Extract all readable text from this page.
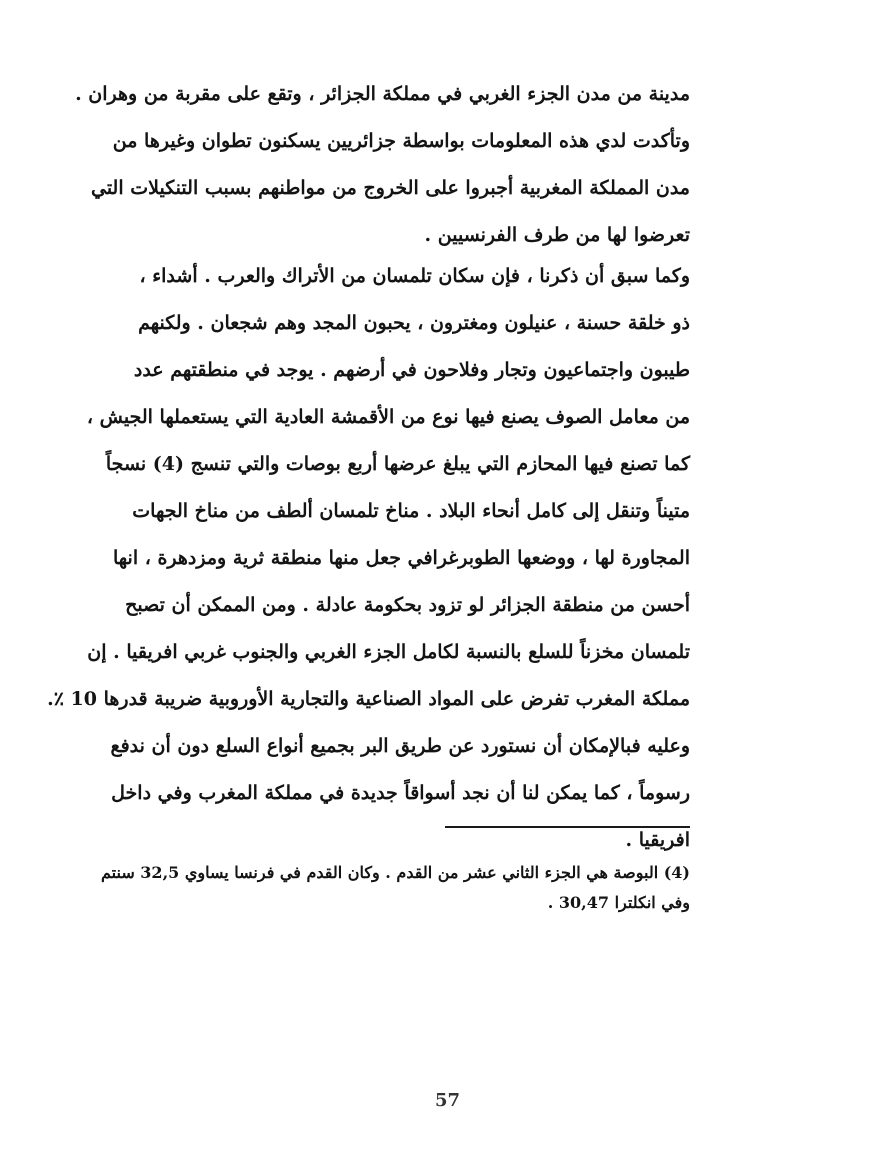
مدينة من مدن الجزء الغربي في مملكة الجزائر ، وتقع على مقربة من وهران .
وتأكدت لدي هذه المعلومات بواسطة جزائريين يسكنون تطوان وغيرها من
مدن المملكة المغربية أجبروا على الخروج من مواطنهم بسبب التنكيلات التي
تعرضوا لها من طرف الفرنسيين .
وكما سبق أن ذكرنا ، فإن سكان تلمسان من الأتراك والعرب . أشداء ،
ذو خلقة حسنة ، عنيلون ومغترون ، يحبون المجد وهم شجعان . ولكنهم
طيبون واجتماعيون وتجار وفلاحون في أرضهم . يوجد في منطقتهم عدد
من معامل الصوف يصنع فيها نوع من الأقمشة العادية التي يستعملها الجيش ،
كما تصنع فيها المحازم التي يبلغ عرضها أربع بوصات والتي تنسج (4) نسجاً
متيناً وتنقل إلى كامل أنحاء البلاد . مناخ تلمسان ألطف من مناخ الجهات
المجاورة لها ، ووضعها الطوبرغرافي جعل منها منطقة ثرية ومزدهرة ، انها
أحسن من منطقة الجزائر لو تزود بحكومة عادلة . ومن الممكن أن تصبح
تلمسان مخزناً للسلع بالنسبة لكامل الجزء الغربي والجنوب غربي افريقيا . إن
مملكة المغرب تفرض على المواد الصناعية والتجارية الأوروبية ضريبة قدرها 10 ٪.
وعليه فبالإمكان أن نستورد عن طريق البر بجميع أنواع السلع دون أن ندفع
رسوماً ، كما يمكن لنا أن نجد أسواقاً جديدة في مملكة المغرب وفي داخل
افريقيا .
(4) البوصة هي الجزء الثاني عشر من القدم . وكان القدم في فرنسا يساوي 32,5 سنتم
وفي انكلترا 30,47 .
57
